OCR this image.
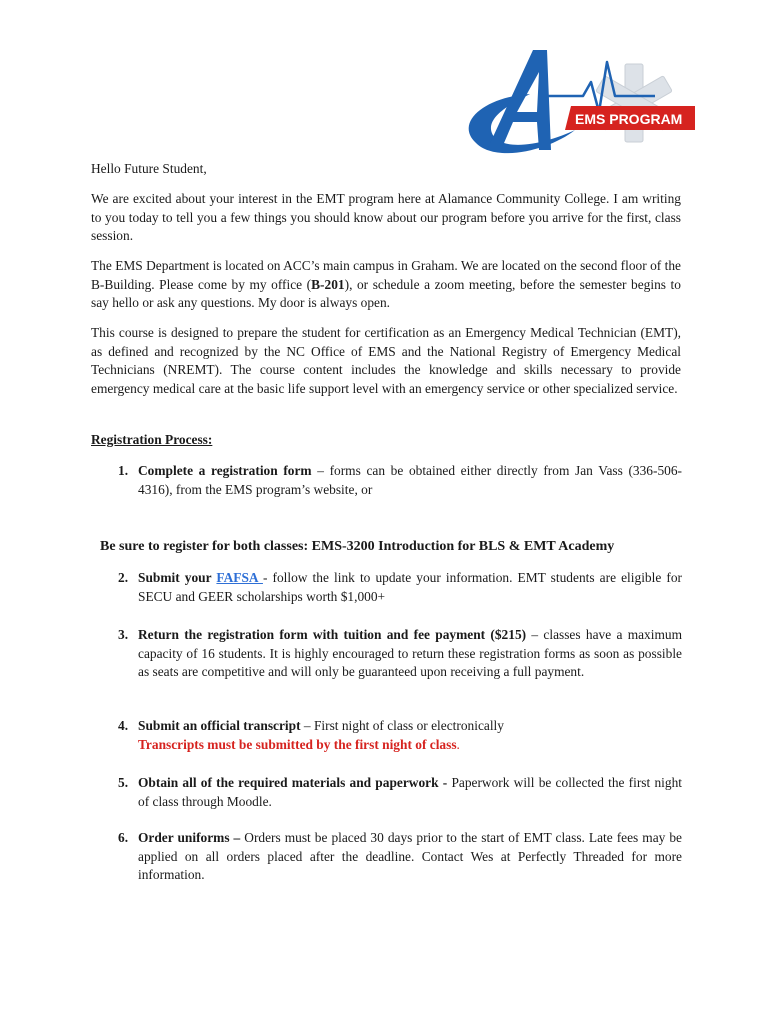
EMS PROGRAM

Hello Future Student,

We are excited about your interest in the EMT program here at Alamance Community College. I am writing to you today to tell you a few things you should know about our program before you arrive for the first, class session.

The EMS Department is located on ACC’s main campus in Graham. We are located on the second floor of the B-Building. Please come by my office (B-201), or schedule a zoom meeting, before the semester begins to say hello or ask any questions. My door is always open.

This course is designed to prepare the student for certification as an Emergency Medical Technician (EMT), as defined and recognized by the NC Office of EMS and the National Registry of Emergency Medical Technicians (NREMT). The course content includes the knowledge and skills necessary to provide emergency medical care at the basic life support level with an emergency service or other specialized service.

Registration Process:
1. Complete a registration form – forms can be obtained either directly from Jan Vass (336-506-4316), from the EMS program’s website, or
Be sure to register for both classes: EMS-3200 Introduction for BLS & EMT Academy
2. Submit your FAFSA - follow the link to update your information. EMT students are eligible for SECU and GEER scholarships worth $1,000+
3. Return the registration form with tuition and fee payment ($215) – classes have a maximum capacity of 16 students. It is highly encouraged to return these registration forms as soon as possible as seats are competitive and will only be guaranteed upon receiving a full payment.
4. Submit an official transcript – First night of class or electronically
Transcripts must be submitted by the first night of class.
5. Obtain all of the required materials and paperwork - Paperwork will be collected the first night of class through Moodle.
6. Order uniforms – Orders must be placed 30 days prior to the start of EMT class. Late fees may be applied on all orders placed after the deadline. Contact Wes at Perfectly Threaded for more information.
